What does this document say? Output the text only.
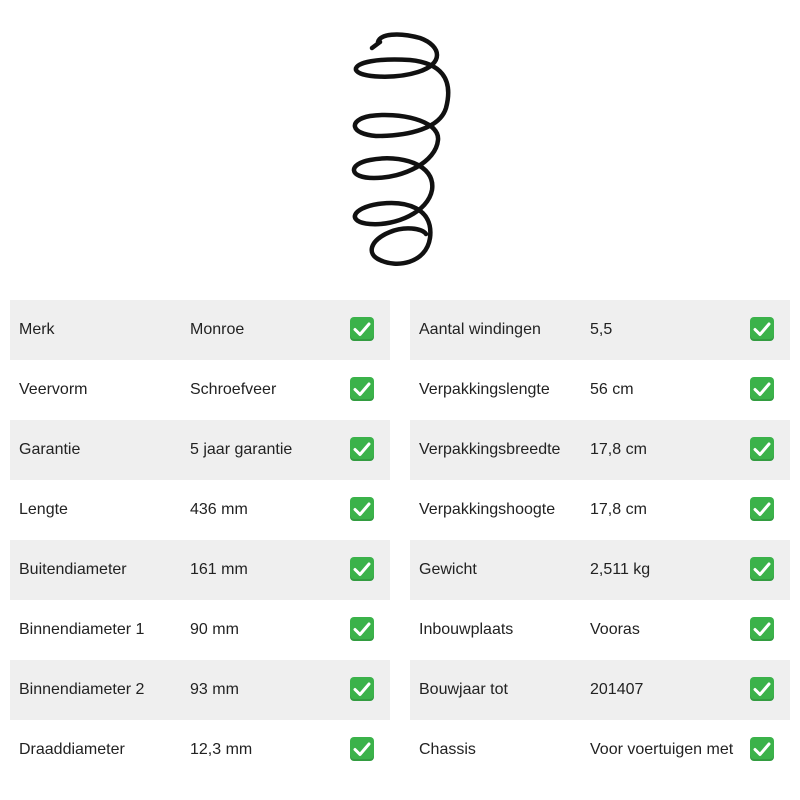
Merk	Monroe
Veervorm	Schroefveer
Garantie	5 jaar garantie
Lengte	436 mm
Buitendiameter	161 mm
Binnendiameter 1	90 mm
Binnendiameter 2	93 mm
Draaddiameter	12,3 mm
Aantal windingen	5,5
Verpakkingslengte	56 cm
Verpakkingsbreedte 17,8 cm
Verpakkingshoogte 17,8 cm
Gewicht	2,511 kg
Inbouwplaats	Vooras
Bouwjaar tot	201407
Chassis	Voor voertuigen met
